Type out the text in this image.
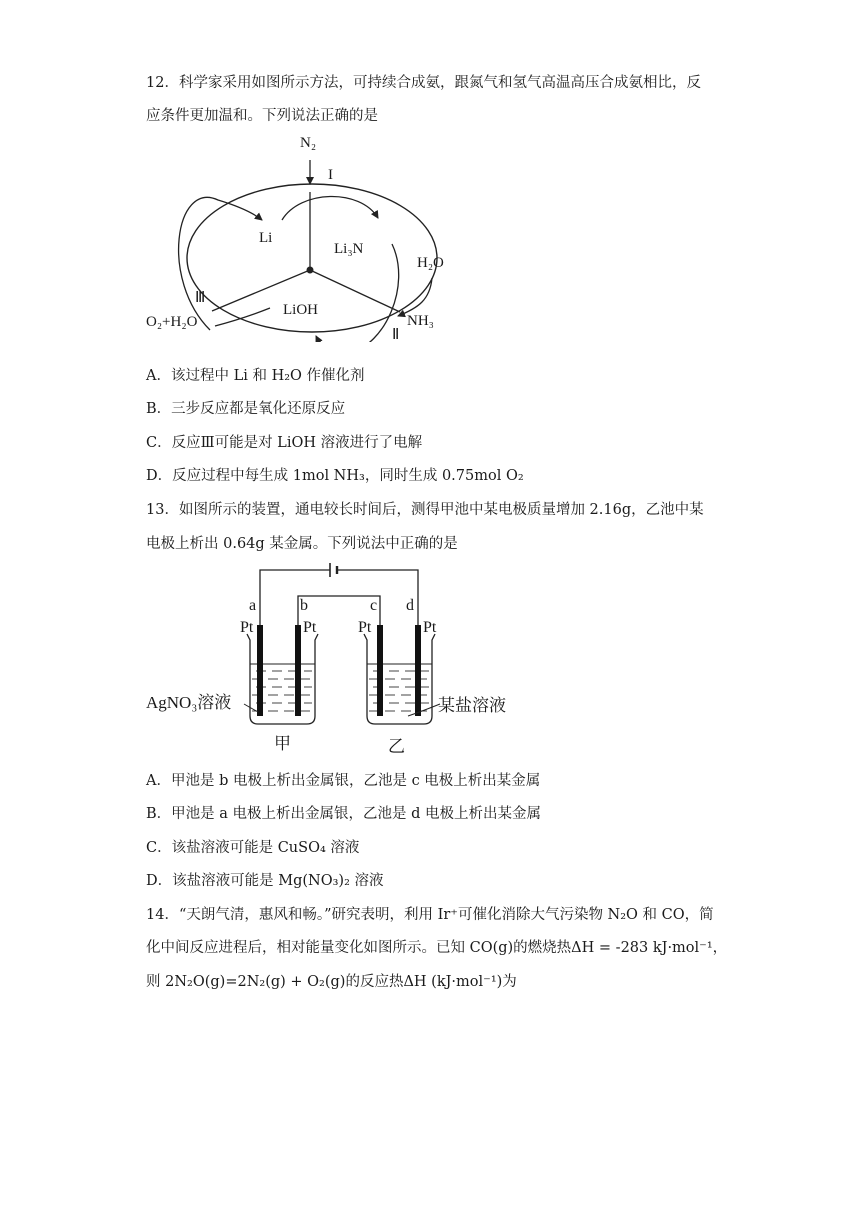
12．科学家采用如图所示方法，可持续合成氨，跟氮气和氢气高温高压合成氨相比，反
应条件更加温和。下列说法正确的是
N₂
I
Li
Li₃N
H₂O
Ⅲ
O₂+H₂O
LiOH
NH₃
Ⅱ
A．该过程中 Li 和 H₂O 作催化剂
B．三步反应都是氧化还原反应
C．反应Ⅲ可能是对 LiOH 溶液进行了电解
D．反应过程中每生成 1mol NH₃，同时生成 0.75mol O₂
13．如图所示的装置，通电较长时间后，测得甲池中某电极质量增加 2.16g，乙池中某
电极上析出 0.64g 某金属。下列说法中正确的是
a	b	c d
Pt	Pt	Pt	Pt
AgNO₃溶液	某盐溶液
甲	乙
A．甲池是 b 电极上析出金属银，乙池是 c 电极上析出某金属
B．甲池是 a 电极上析出金属银，乙池是 d 电极上析出某金属
C．该盐溶液可能是 CuSO₄ 溶液
D．该盐溶液可能是 Mg(NO₃)₂ 溶液
14．“天朗气清，惠风和畅。”研究表明，利用 Ir⁺可催化消除大气污染物 N₂O 和 CO，简
化中间反应进程后，相对能量变化如图所示。已知 CO(g)的燃烧热ΔH = -283 kJ·mol⁻¹，
则 2N₂O(g)=2N₂(g) + O₂(g)的反应热ΔH (kJ·mol⁻¹)为
